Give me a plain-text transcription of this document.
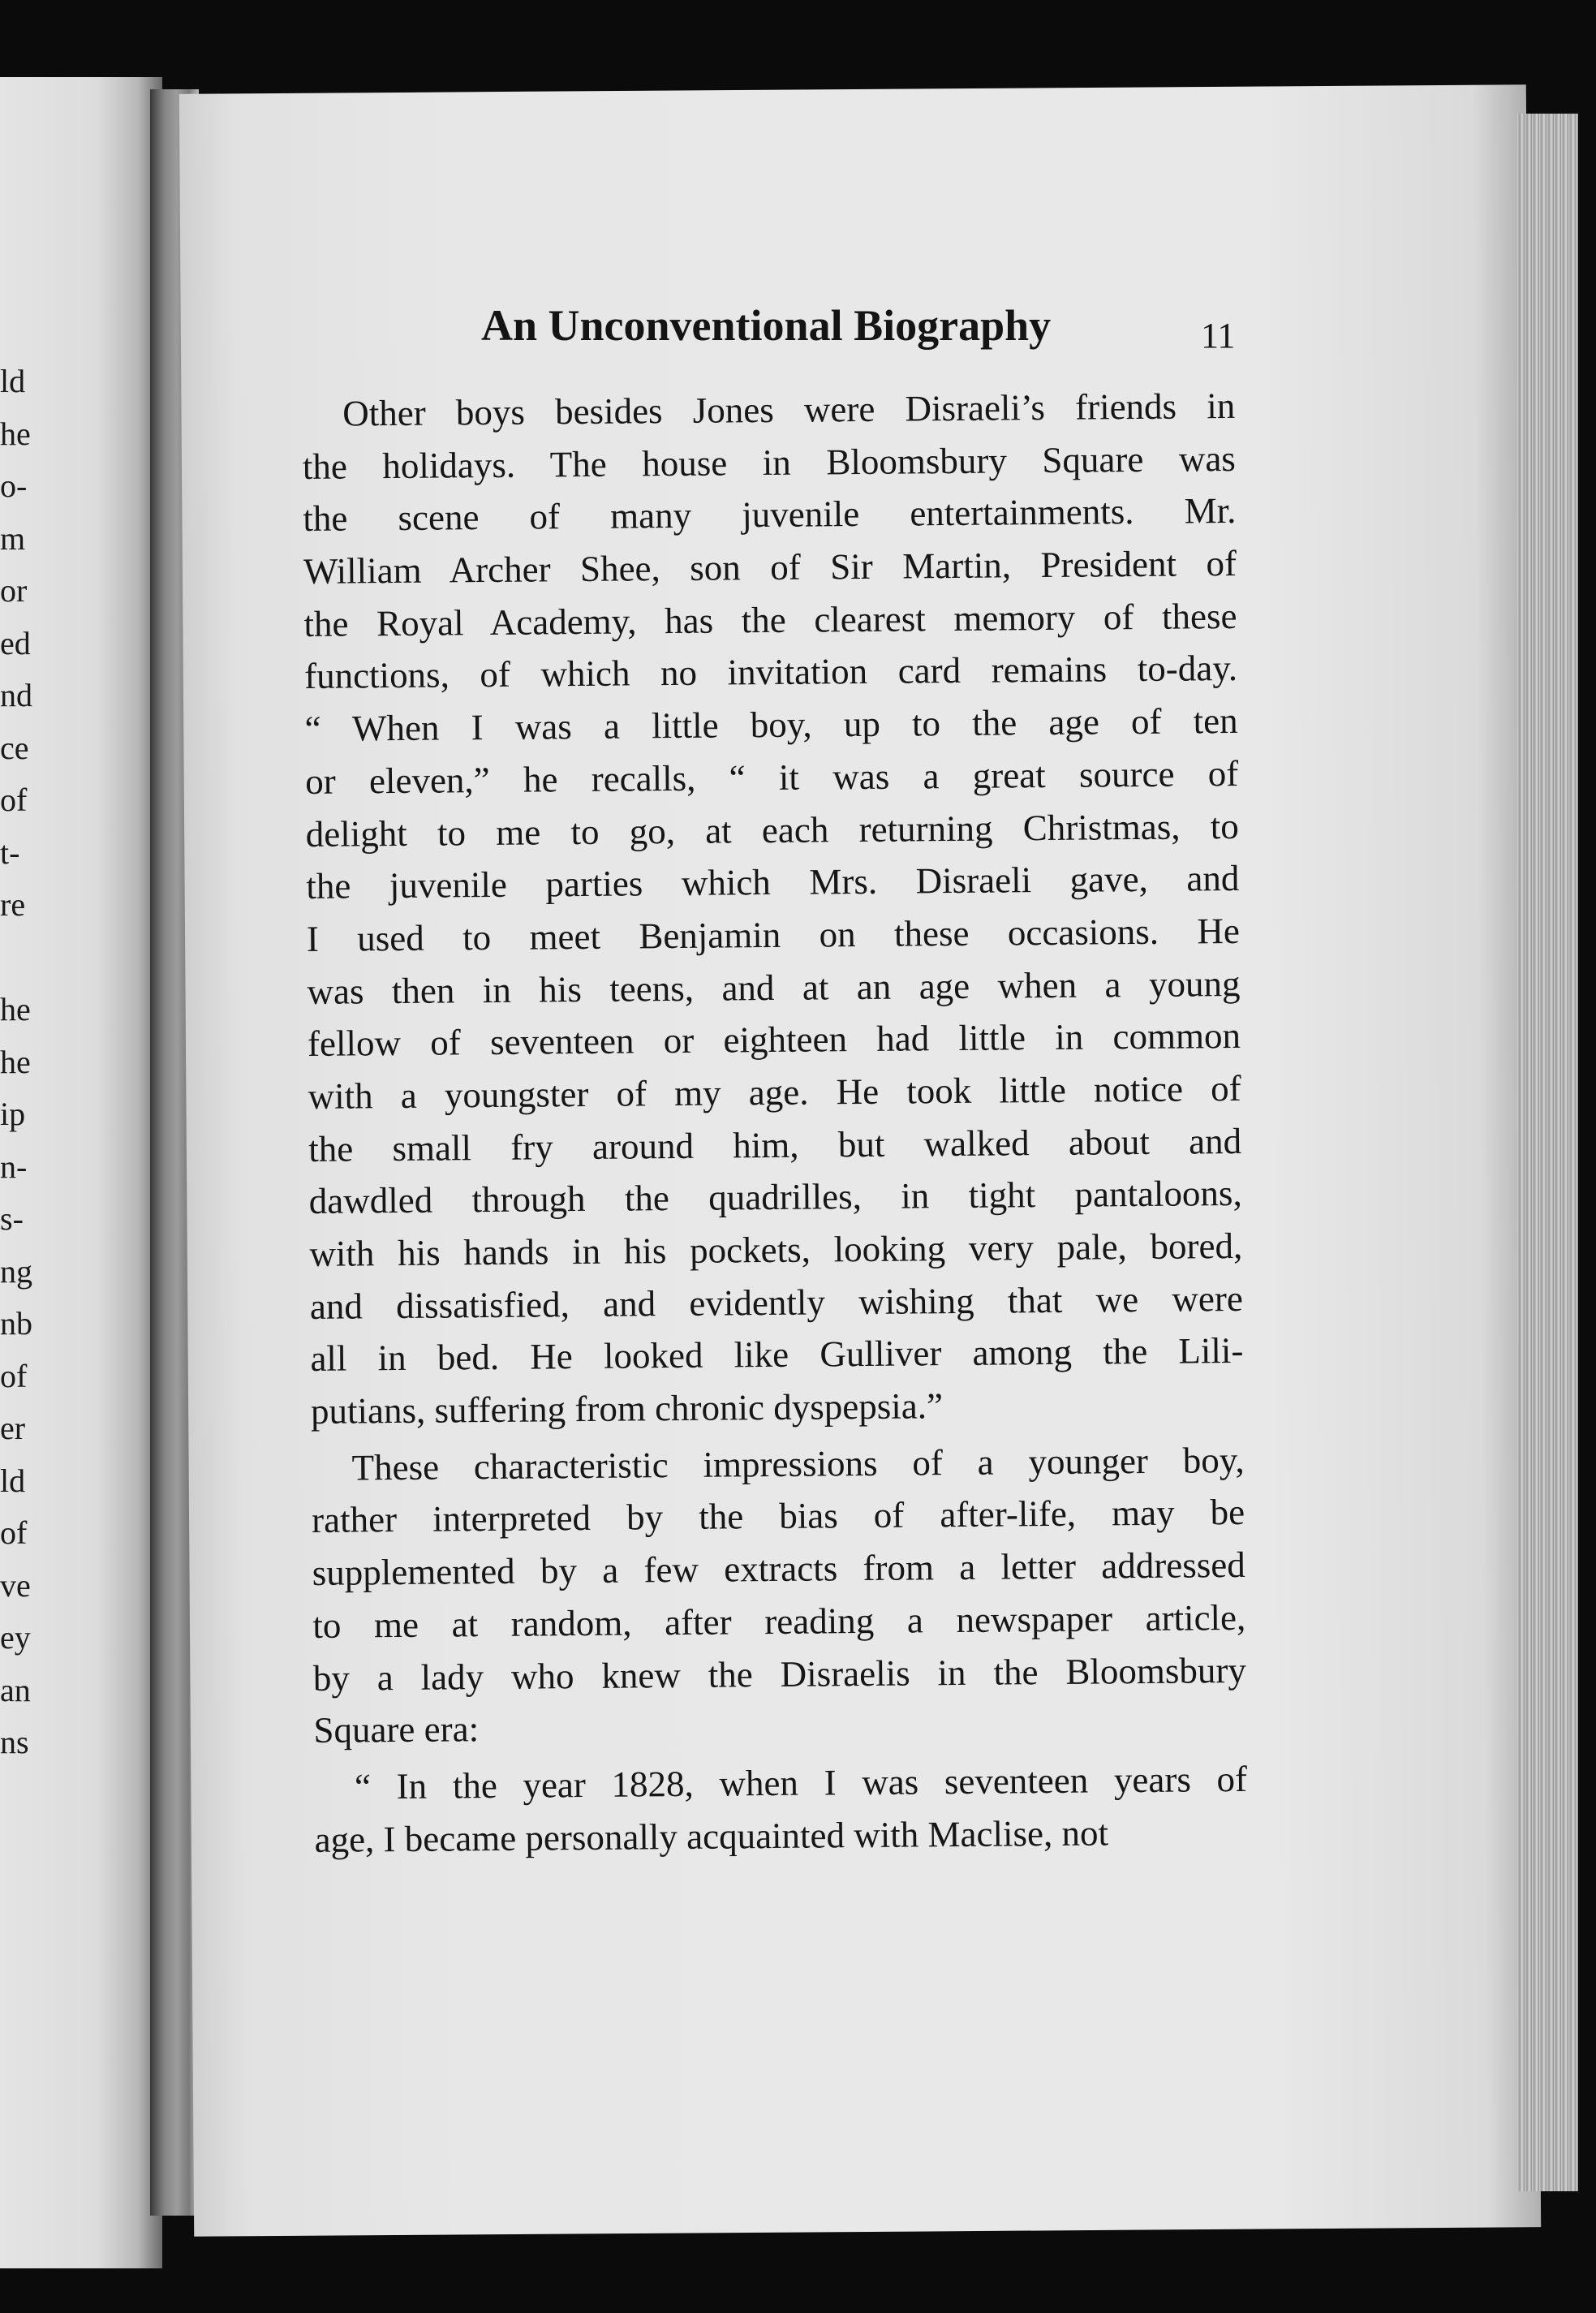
ld
he
o-
m
or
ed
nd
ce
of
t-
re
he
he
ip
n-
s-
ng
nb
of
er
ld
of
ve
ey
an
ns
An Unconventional Biography	11
Other boys besides Jones were Disraeli’s friends in
the holidays. The house in Bloomsbury Square was
the scene of many juvenile entertainments. Mr.
William Archer Shee, son of Sir Martin, President of
the Royal Academy, has the clearest memory of these
functions, of which no invitation card remains to-day.
“ When I was a little boy, up to the age of ten
or eleven,” he recalls, “ it was a great source of
delight to me to go, at each returning Christmas, to
the juvenile parties which Mrs. Disraeli gave, and
I used to meet Benjamin on these occasions. He
was then in his teens, and at an age when a young
fellow of seventeen or eighteen had little in common
with a youngster of my age. He took little notice of
the small fry around him, but walked about and
dawdled through the quadrilles, in tight pantaloons,
with his hands in his pockets, looking very pale, bored,
and dissatisfied, and evidently wishing that we were
all in bed. He looked like Gulliver among the Lili-
putians, suffering from chronic dyspepsia.”
These characteristic impressions of a younger boy,
rather interpreted by the bias of after-life, may be
supplemented by a few extracts from a letter addressed
to me at random, after reading a newspaper article,
by a lady who knew the Disraelis in the Bloomsbury
Square era:
“ In the year 1828, when I was seventeen years of
age, I became personally acquainted with Maclise, not
